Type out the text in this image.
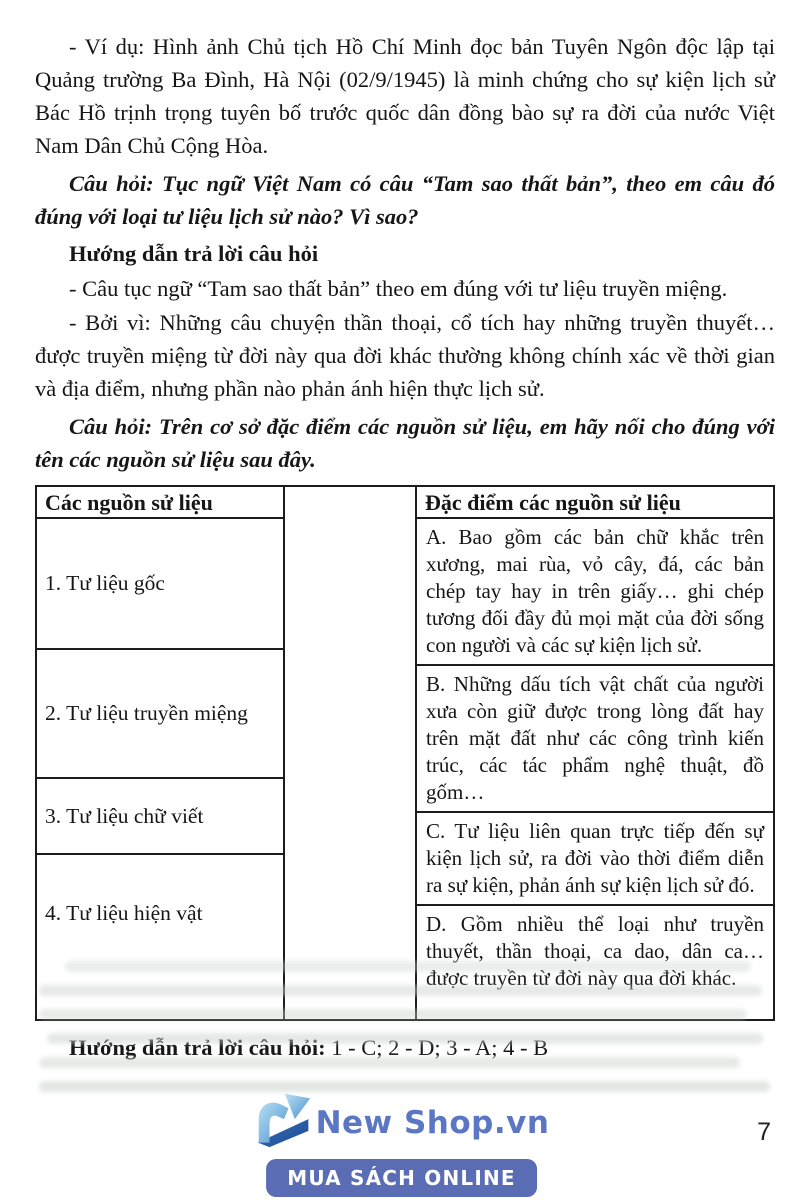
- Ví dụ: Hình ảnh Chủ tịch Hồ Chí Minh đọc bản Tuyên Ngôn độc lập tại Quảng trường Ba Đình, Hà Nội (02/9/1945) là minh chứng cho sự kiện lịch sử Bác Hồ trịnh trọng tuyên bố trước quốc dân đồng bào sự ra đời của nước Việt Nam Dân Chủ Cộng Hòa.

Câu hỏi: Tục ngữ Việt Nam có câu “Tam sao thất bản”, theo em câu đó đúng với loại tư liệu lịch sử nào? Vì sao?

Hướng dẫn trả lời câu hỏi

- Câu tục ngữ “Tam sao thất bản” theo em đúng với tư liệu truyền miệng.

- Bởi vì: Những câu chuyện thần thoại, cổ tích hay những truyền thuyết… được truyền miệng từ đời này qua đời khác thường không chính xác về thời gian và địa điểm, nhưng phần nào phản ánh hiện thực lịch sử.

Câu hỏi: Trên cơ sở đặc điểm các nguồn sử liệu, em hãy nối cho đúng với tên các nguồn sử liệu sau đây.

Các nguồn sử liệu
1. Tư liệu gốc
2. Tư liệu truyền miệng
3. Tư liệu chữ viết
4. Tư liệu hiện vật
Đặc điểm các nguồn sử liệu
A. Bao gồm các bản chữ khắc trên xương, mai rùa, vỏ cây, đá, các bản chép tay hay in trên giấy… ghi chép tương đối đầy đủ mọi mặt của đời sống con người và các sự kiện lịch sử.
B. Những dấu tích vật chất của người xưa còn giữ được trong lòng đất hay trên mặt đất như các công trình kiến trúc, các tác phẩm nghệ thuật, đồ gốm…
C. Tư liệu liên quan trực tiếp đến sự kiện lịch sử, ra đời vào thời điểm diễn ra sự kiện, phản ánh sự kiện lịch sử đó.
D. Gồm nhiều thể loại như truyền thuyết, thần thoại, ca dao, dân ca… được truyền từ đời này qua đời khác.

Hướng dẫn trả lời câu hỏi: 1 - C; 2 - D; 3 - A; 4 - B

New Shop.vn
MUA SÁCH ONLINE
7
